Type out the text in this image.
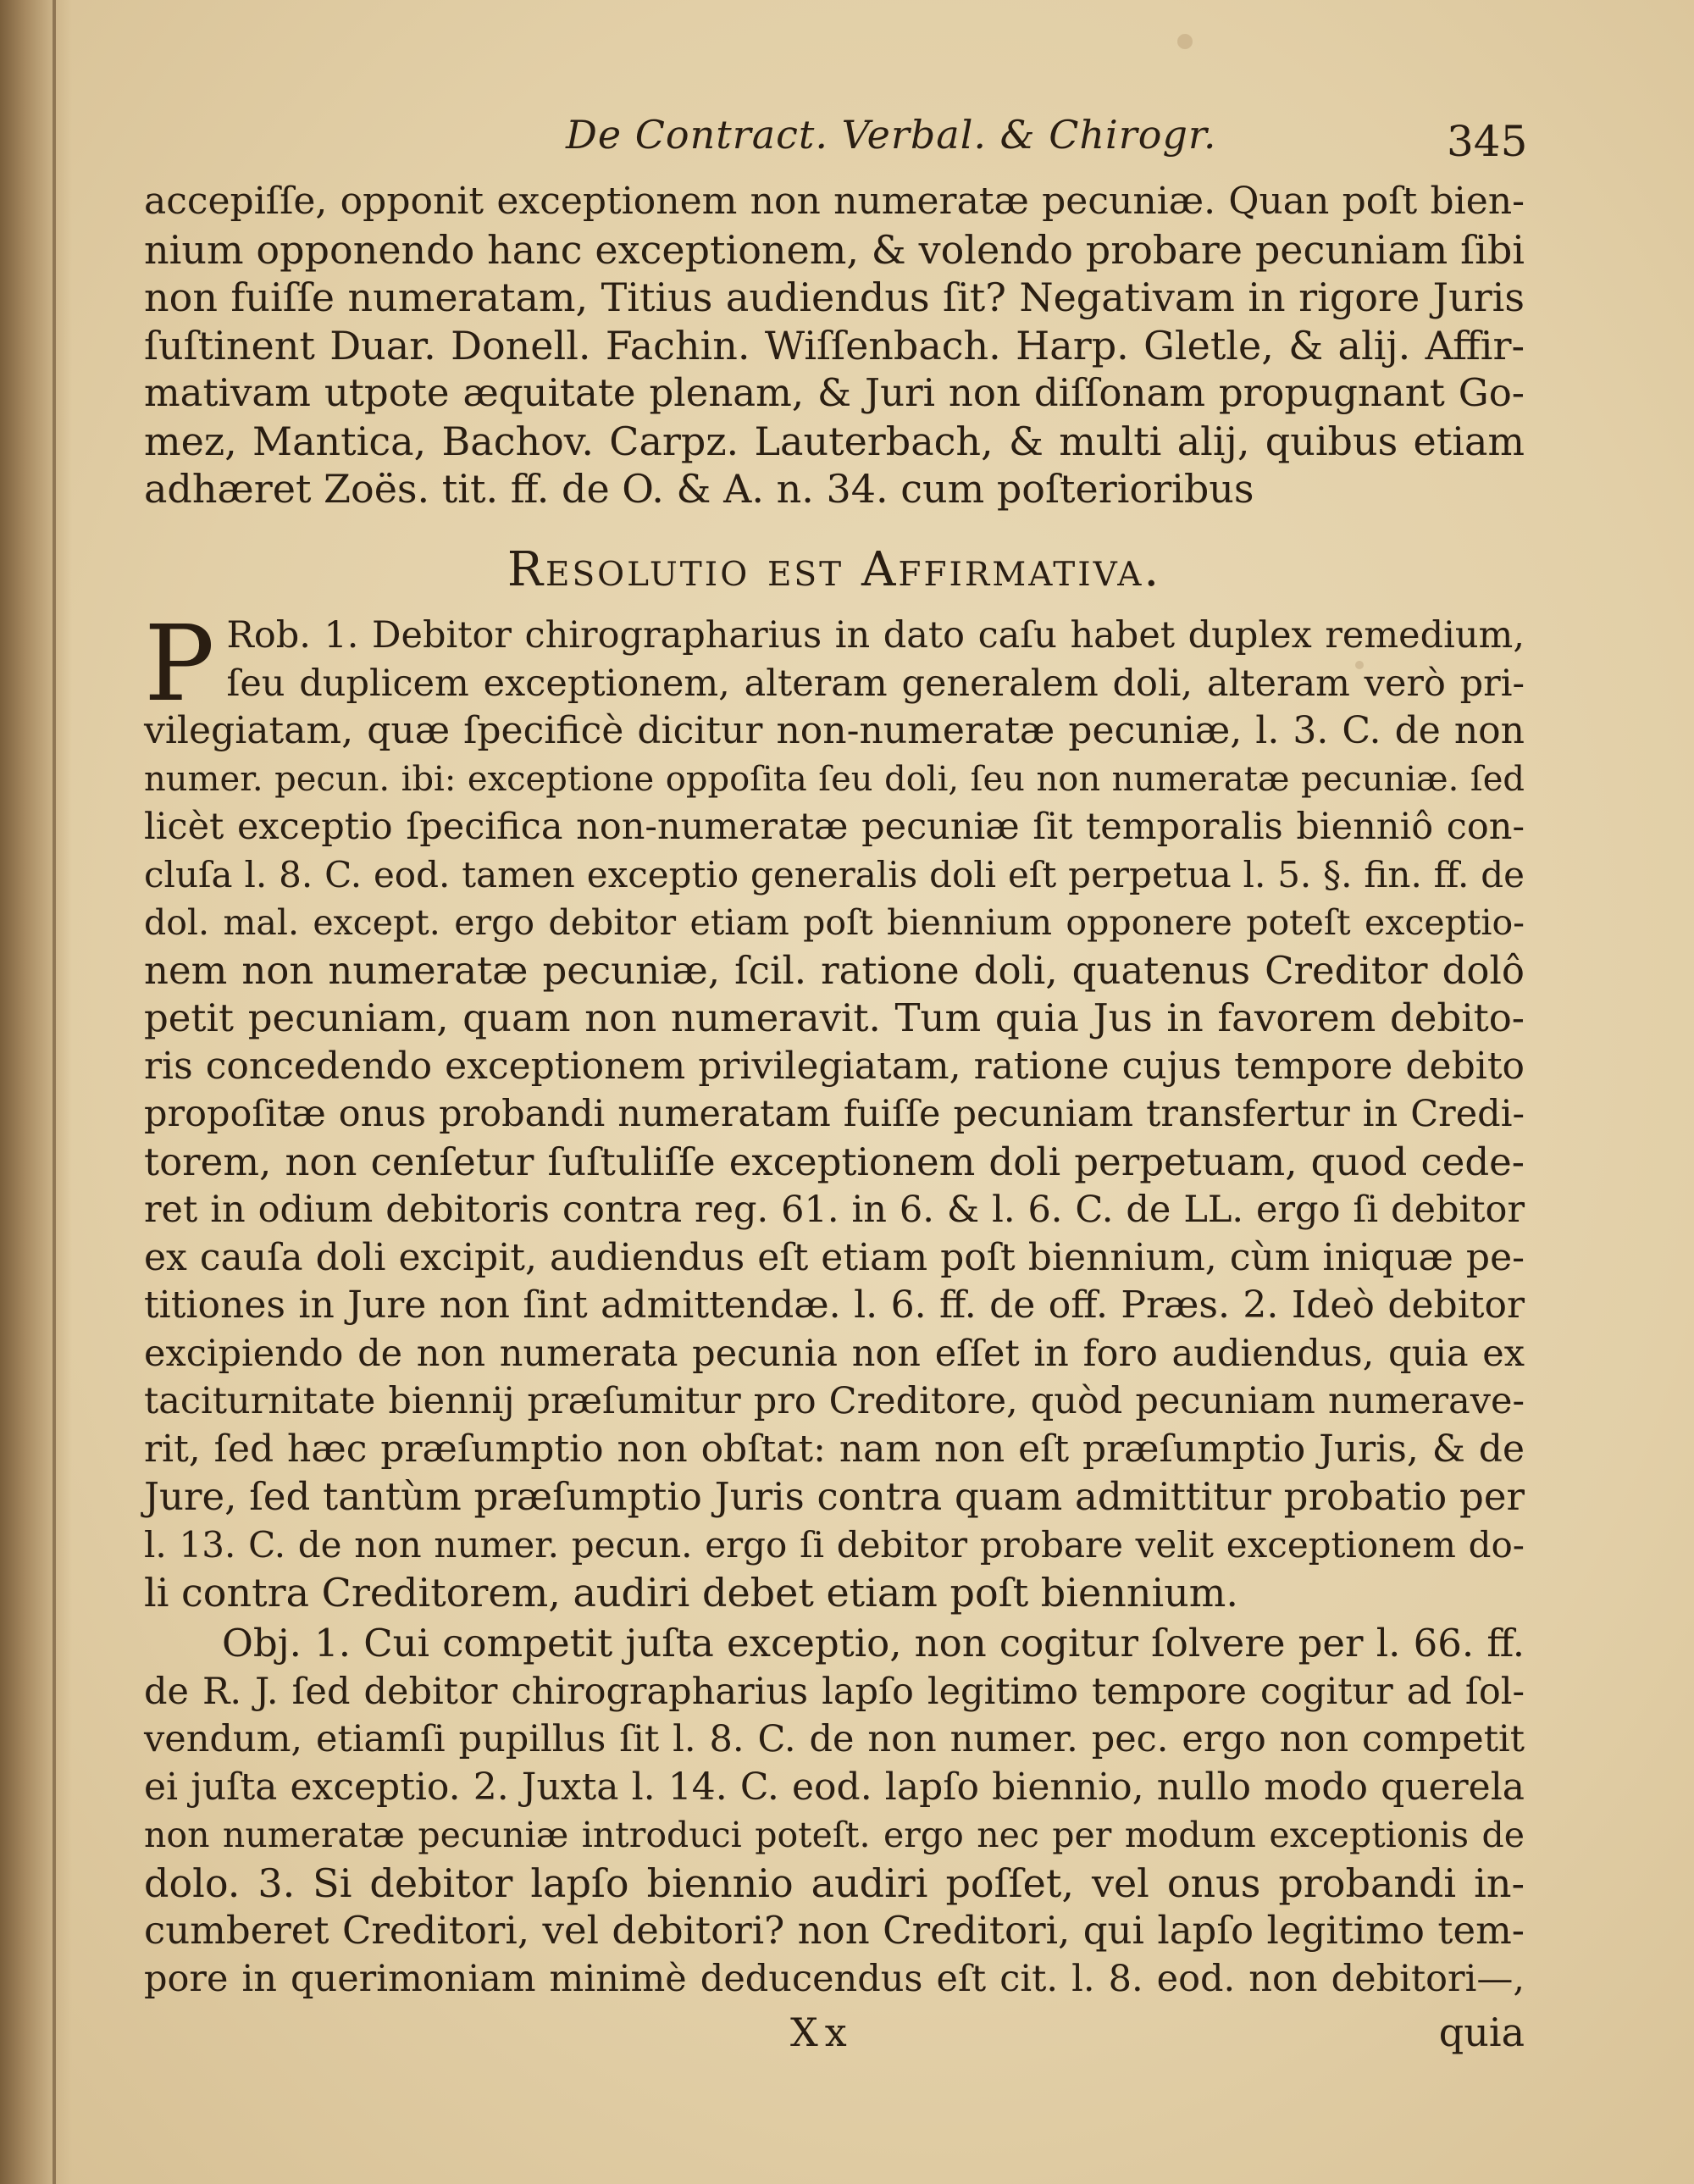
De Contract. Verbal. & Chirogr.	345
accepiſſe, opponit exceptionem non numeratæ pecuniæ. Quan poſt bien-
nium opponendo hanc exceptionem, & volendo probare pecuniam ſibi
non fuiſſe numeratam, Titius audiendus ſit? Negativam in rigore Juris
ſuſtinent Duar. Donell. Fachin. Wiſſenbach. Harp. Gletle, & alij. Affir-
mativam utpote æquitate plenam, & Juri non diſſonam propugnant Go-
mez, Mantica, Bachov. Carpz. Lauterbach, & multi alij, quibus etiam
adhæret Zoës. tit. ff. de O. & A. n. 34. cum poſterioribus
Resolutio est Affirmativa.
P Rob. 1. Debitor chirographarius in dato caſu habet duplex remedium,
ſeu duplicem exceptionem, alteram generalem doli, alteram verò pri-
vilegiatam, quæ ſpecificè dicitur non-numeratæ pecuniæ, l. 3. C. de non
numer. pecun. ibi: exceptione oppoſita ſeu doli, ſeu non numeratæ pecuniæ. ſed
licèt exceptio ſpecifica non-numeratæ pecuniæ ſit temporalis bienniô con-
cluſa l. 8. C. eod. tamen exceptio generalis doli eſt perpetua l. 5. §. fin. ff. de
dol. mal. except. ergo debitor etiam poſt biennium opponere poteſt exceptio-
nem non numeratæ pecuniæ, ſcil. ratione doli, quatenus Creditor dolô
petit pecuniam, quam non numeravit. Tum quia Jus in favorem debito-
ris concedendo exceptionem privilegiatam, ratione cujus tempore debito
propoſitæ onus probandi numeratam fuiſſe pecuniam transfertur in Credi-
torem, non cenſetur ſuſtuliſſe exceptionem doli perpetuam, quod cede-
ret in odium debitoris contra reg. 61. in 6. & l. 6. C. de LL. ergo ſi debitor
ex cauſa doli excipit, audiendus eſt etiam poſt biennium, cùm iniquæ pe-
titiones in Jure non ſint admittendæ. l. 6. ff. de off. Præs. 2. Ideò debitor
excipiendo de non numerata pecunia non eſſet in foro audiendus, quia ex
taciturnitate biennij præſumitur pro Creditore, quòd pecuniam numerave-
rit, ſed hæc præſumptio non obſtat: nam non eſt præſumptio Juris, & de
Jure, ſed tantùm præſumptio Juris contra quam admittitur probatio per
l. 13. C. de non numer. pecun. ergo ſi debitor probare velit exceptionem do-
li contra Creditorem, audiri debet etiam poſt biennium.
Obj. 1. Cui competit juſta exceptio, non cogitur ſolvere per l. 66. ff.
de R. J. ſed debitor chirographarius lapſo legitimo tempore cogitur ad ſol-
vendum, etiamſi pupillus ſit l. 8. C. de non numer. pec. ergo non competit
ei juſta exceptio. 2. Juxta l. 14. C. eod. lapſo biennio, nullo modo querela
non numeratæ pecuniæ introduci poteſt. ergo nec per modum exceptionis de
dolo. 3. Si debitor lapſo biennio audiri poſſet, vel onus probandi in-
cumberet Creditori, vel debitori? non Creditori, qui lapſo legitimo tem-
pore in querimoniam minimè deducendus eſt cit. l. 8. eod. non debitori—,
Xx	quia
